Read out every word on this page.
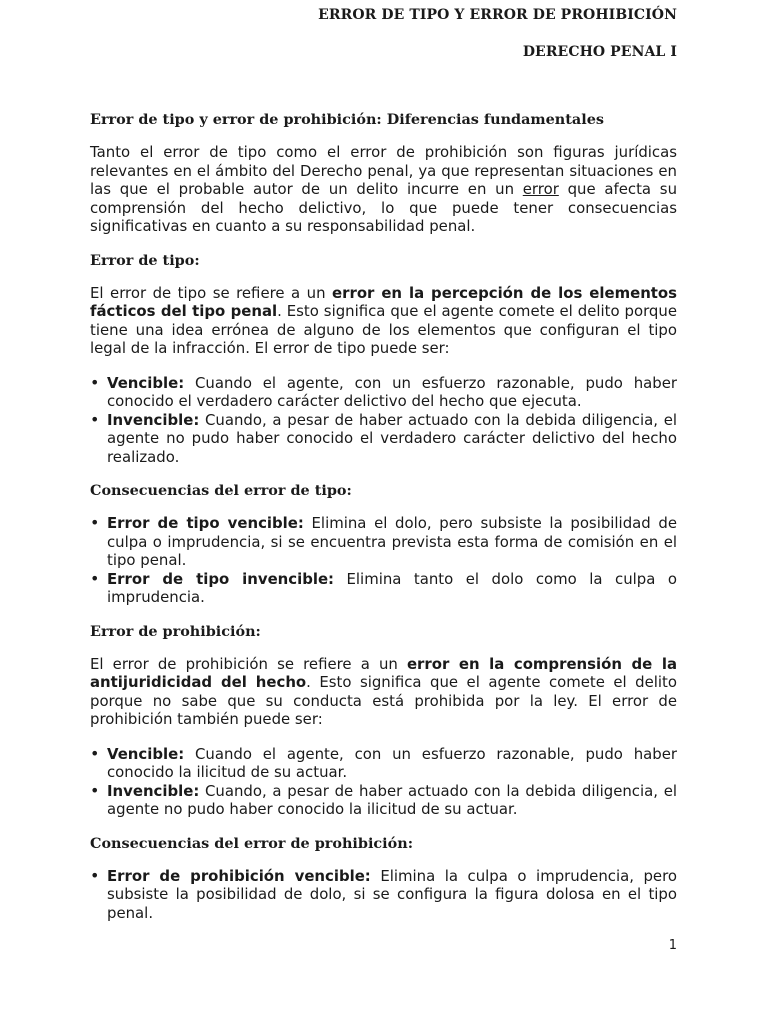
ERROR DE TIPO Y ERROR DE PROHIBICIÓN
DERECHO PENAL I
Error de tipo y error de prohibición: Diferencias fundamentales

Tanto el error de tipo como el error de prohibición son figuras jurídicas relevantes en el ámbito del Derecho penal, ya que representan situaciones en las que el probable autor de un delito incurre en un error que afecta su comprensión del hecho delictivo, lo que puede tener consecuencias significativas en cuanto a su responsabilidad penal.

Error de tipo:

El error de tipo se refiere a un error en la percepción de los elementos fácticos del tipo penal. Esto significa que el agente comete el delito porque tiene una idea errónea de alguno de los elementos que configuran el tipo legal de la infracción. El error de tipo puede ser:

• Vencible: Cuando el agente, con un esfuerzo razonable, pudo haber conocido el verdadero carácter delictivo del hecho que ejecuta.
• Invencible: Cuando, a pesar de haber actuado con la debida diligencia, el agente no pudo haber conocido el verdadero carácter delictivo del hecho realizado.
Consecuencias del error de tipo:
• Error de tipo vencible: Elimina el dolo, pero subsiste la posibilidad de culpa o imprudencia, si se encuentra prevista esta forma de comisión en el tipo penal.
• Error de tipo invencible: Elimina tanto el dolo como la culpa o imprudencia.
Error de prohibición:

El error de prohibición se refiere a un error en la comprensión de la antijuridicidad del hecho. Esto significa que el agente comete el delito porque no sabe que su conducta está prohibida por la ley. El error de prohibición también puede ser:

• Vencible: Cuando el agente, con un esfuerzo razonable, pudo haber conocido la ilicitud de su actuar.
• Invencible: Cuando, a pesar de haber actuado con la debida diligencia, el agente no pudo haber conocido la ilicitud de su actuar.
Consecuencias del error de prohibición:
• Error de prohibición vencible: Elimina la culpa o imprudencia, pero subsiste la posibilidad de dolo, si se configura la figura dolosa en el tipo penal.
1
